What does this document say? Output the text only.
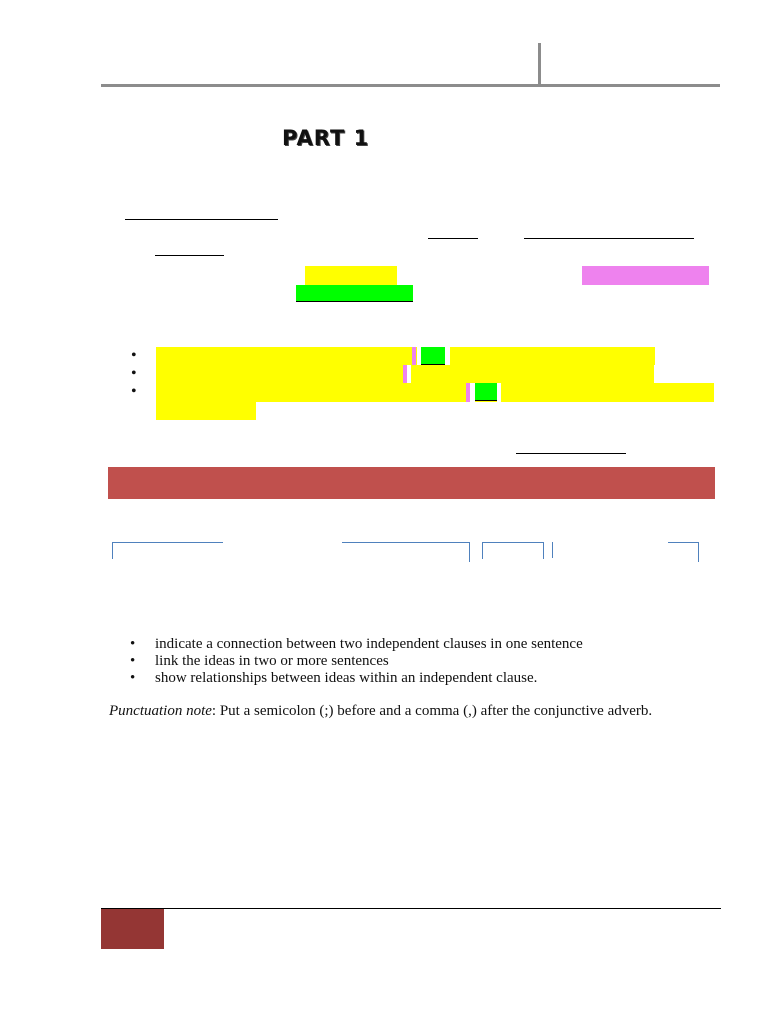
PART 1
•
•
•
•	indicate a connection between two independent clauses in one sentence
•	link the ideas in two or more sentences
•	show relationships between ideas within an independent clause.
Punctuation note: Put a semicolon (;) before and a comma (,) after the conjunctive adverb.
